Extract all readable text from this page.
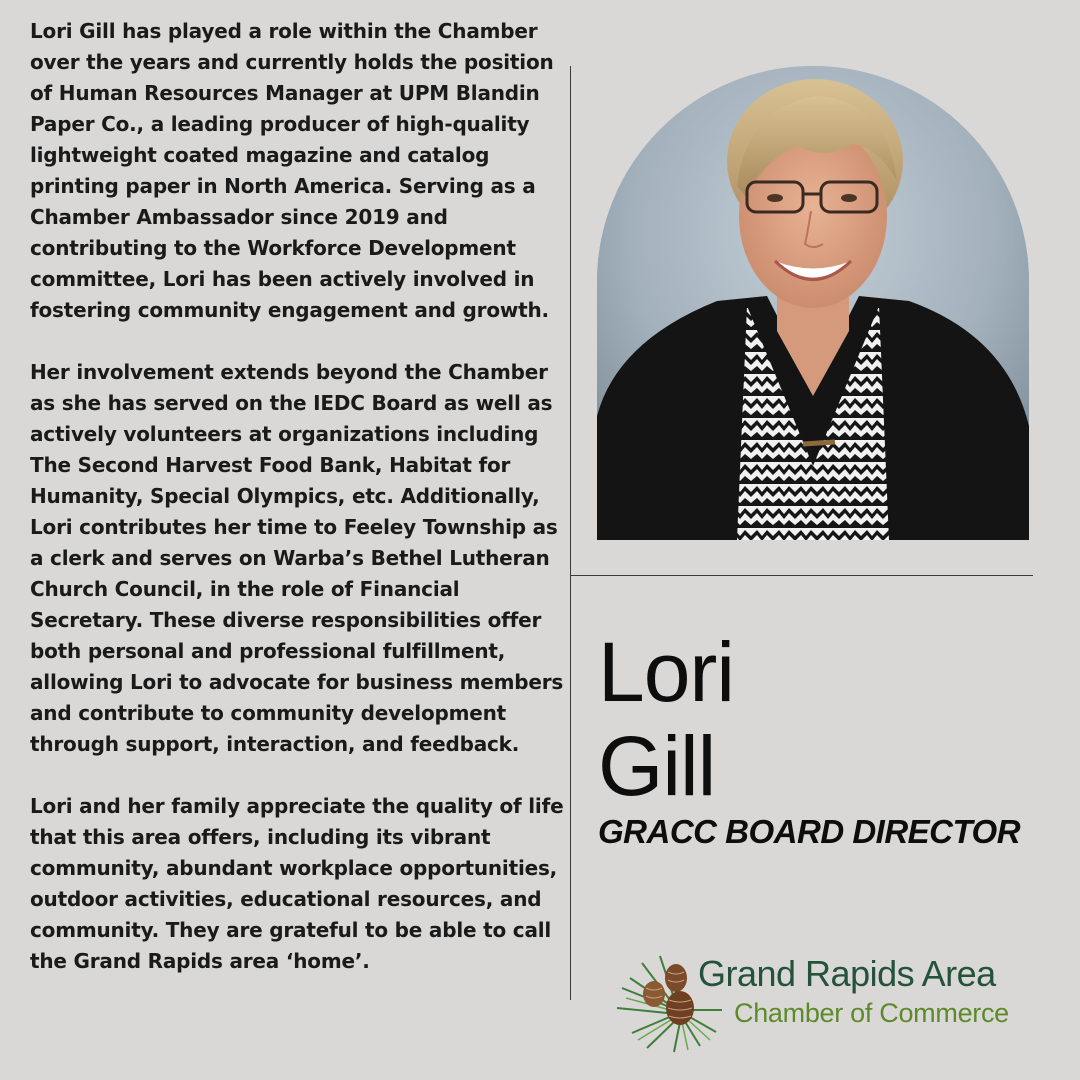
Lori Gill has played a role within the Chamber over the years and currently holds the position of Human Resources Manager at UPM Blandin Paper Co., a leading producer of high-quality lightweight coated magazine and catalog printing paper in North America. Serving as a Chamber Ambassador since 2019 and contributing to the Workforce Development committee, Lori has been actively involved in fostering community engagement and growth.

Her involvement extends beyond the Chamber as she has served on the IEDC Board as well as actively volunteers at organizations including The Second Harvest Food Bank, Habitat for Humanity, Special Olympics, etc. Additionally, Lori contributes her time to Feeley Township as a clerk and serves on Warba’s Bethel Lutheran Church Council, in the role of Financial Secretary. These diverse responsibilities offer both personal and professional fulfillment, allowing Lori to advocate for business members and contribute to community development through support, interaction, and feedback.

Lori and her family appreciate the quality of life that this area offers, including its vibrant community, abundant workplace opportunities, outdoor activities, educational resources, and community. They are grateful to be able to call the Grand Rapids area ‘home’.

Lori
Gill
GRACC BOARD DIRECTOR
Grand Rapids Area
Chamber of Commerce
